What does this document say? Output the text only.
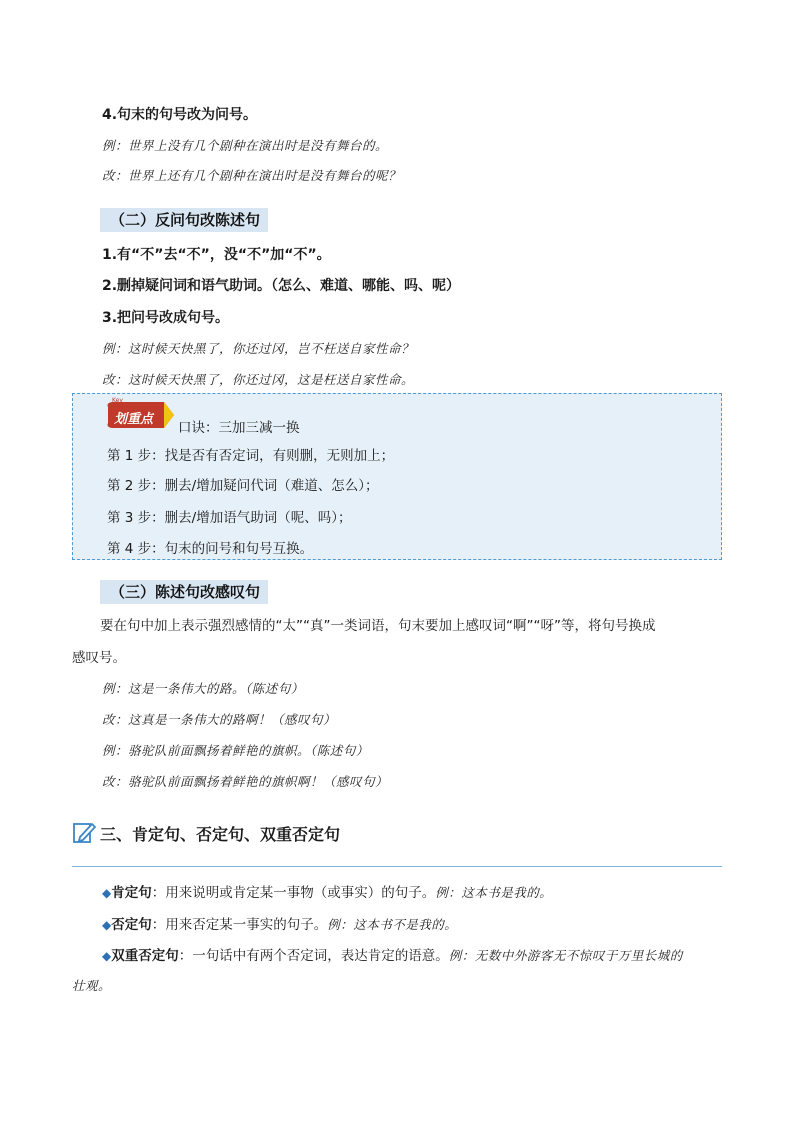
4.句末的句号改为问号。
例：世界上没有几个剧种在演出时是没有舞台的。
改：世界上还有几个剧种在演出时是没有舞台的呢？
（二）反问句改陈述句
1.有“不”去“不”，没“不”加“不”。
2.删掉疑问词和语气助词。（怎么、难道、哪能、吗、呢）
3.把问号改成句号。
例：这时候天快黑了，你还过冈，岂不枉送自家性命？
改：这时候天快黑了，你还过冈，这是枉送自家性命。
划重点
Key
口诀：三加三减一换
第 1 步：找是否有否定词，有则删，无则加上；
第 2 步：删去/增加疑问代词（难道、怎么）；
第 3 步：删去/增加语气助词（呢、吗）；
第 4 步：句末的问号和句号互换。
（三）陈述句改感叹句
要在句中加上表示强烈感情的“太”“真”一类词语，句末要加上感叹词“啊”“呀”等，将句号换成
感叹号。
例：这是一条伟大的路。（陈述句）
改：这真是一条伟大的路啊！（感叹句）
例：骆驼队前面飘扬着鲜艳的旗帜。（陈述句）
改：骆驼队前面飘扬着鲜艳的旗帜啊！（感叹句）
三、肯定句、否定句、双重否定句
◆肯定句：用来说明或肯定某一事物（或事实）的句子。例：这本书是我的。
◆否定句：用来否定某一事实的句子。例：这本书不是我的。
◆双重否定句：一句话中有两个否定词，表达肯定的语意。例：无数中外游客无不惊叹于万里长城的
壮观。
